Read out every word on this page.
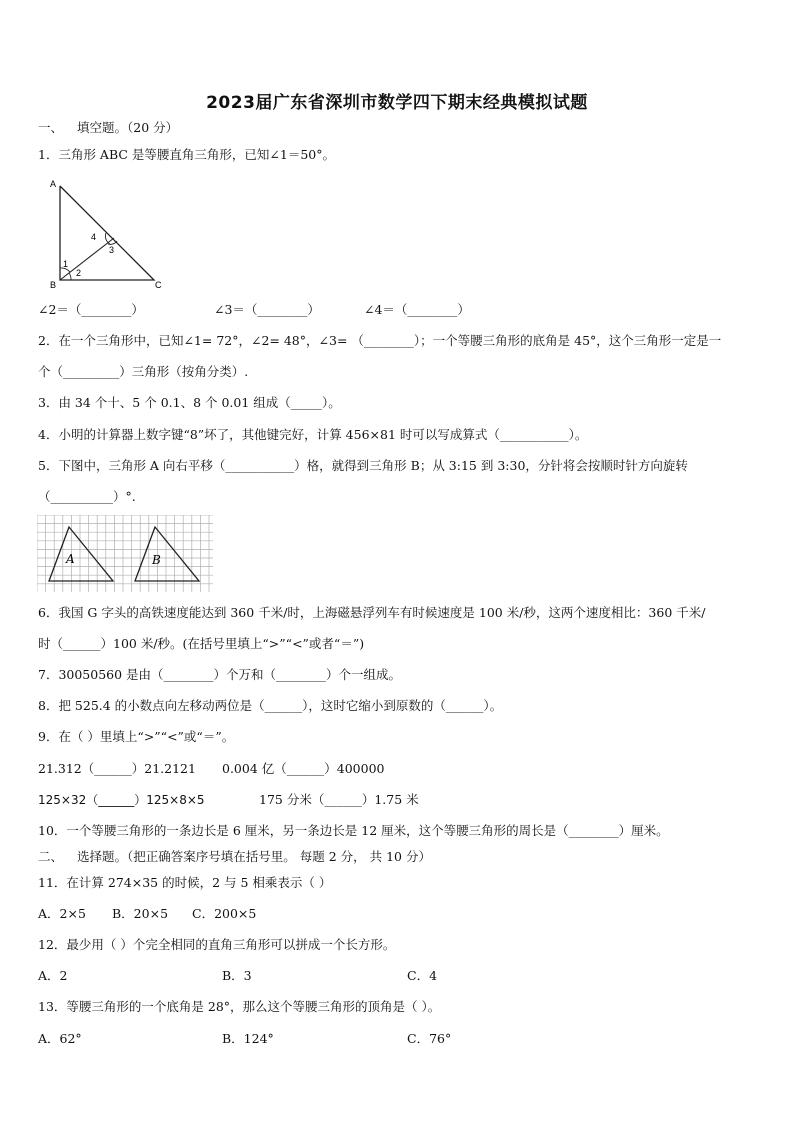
2023届广东省深圳市数学四下期末经典模拟试题
一、 填空题。（20 分）
1．三角形 ABC 是等腰直角三角形，已知∠1＝50°。
A
B	C
1
2
3
4
∠2＝（________）	∠3＝（________）	∠4＝（________）
2．在一个三角形中，已知∠1= 72°，∠2= 48°，∠3= （________）；一个等腰三角形的底角是 45°，这个三角形一定是一
个（_________）三角形（按角分类）.
3．由 34 个十、5 个 0.1、8 个 0.01 组成（_____）。
4．小明的计算器上数字键“8”坏了，其他键完好，计算 456×81 时可以写成算式（___________）。
5．下图中，三角形 A 向右平移（___________）格，就得到三角形 B；从 3:15 到 3:30，分针将会按顺时针方向旋转
（__________）°.
A	B
6．我国 G 字头的高铁速度能达到 360 千米/时，上海磁悬浮列车有时候速度是 100 米/秒，这两个速度相比：360 千米/
时（______）100 米/秒。(在括号里填上“>”“<”或者“＝”)
7．30050560 是由（________）个万和（________）个一组成。
8．把 525.4 的小数点向左移动两位是（______），这时它缩小到原数的（______）。
9．在（ ）里填上“>”“<”或“＝”。
21.312（______）21.2121 0.004 亿（______）400000
125×32（______）125×8×5	175 分米（______）1.75 米
10．一个等腰三角形的一条边长是 6 厘米，另一条边长是 12 厘米，这个等腰三角形的周长是（________）厘米。
二、 选择题。（把正确答案序号填在括号里。 每题 2 分， 共 10 分）
11．在计算 274×35 的时候，2 与 5 相乘表示（ ）
A．2×5 B．20×5 C．200×5
12．最少用（ ）个完全相同的直角三角形可以拼成一个长方形。
A．2	B．3	C．4
13．等腰三角形的一个底角是 28°，那么这个等腰三角形的顶角是（ ）。
A．62°	B．124°	C．76°
